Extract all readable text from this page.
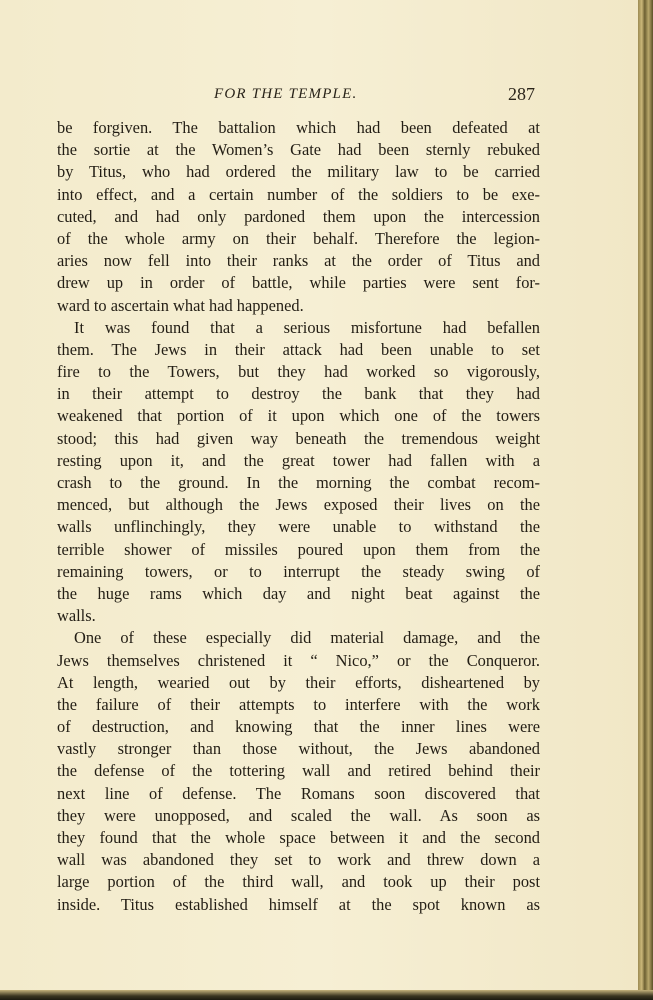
FOR THE TEMPLE.	287
be forgiven. The battalion which had been defeated at
the sortie at the Women’s Gate had been sternly rebuked
by Titus, who had ordered the military law to be carried
into effect, and a certain number of the soldiers to be exe-
cuted, and had only pardoned them upon the intercession
of the whole army on their behalf. Therefore the legion-
aries now fell into their ranks at the order of Titus and
drew up in order of battle, while parties were sent for-
ward to ascertain what had happened.
It was found that a serious misfortune had befallen
them. The Jews in their attack had been unable to set
fire to the Towers, but they had worked so vigorously,
in their attempt to destroy the bank that they had
weakened that portion of it upon which one of the towers
stood; this had given way beneath the tremendous weight
resting upon it, and the great tower had fallen with a
crash to the ground. In the morning the combat recom-
menced, but although the Jews exposed their lives on the
walls unflinchingly, they were unable to withstand the
terrible shower of missiles poured upon them from the
remaining towers, or to interrupt the steady swing of
the huge rams which day and night beat against the
walls.
One of these especially did material damage, and the
Jews themselves christened it “ Nico,” or the Conqueror.
At length, wearied out by their efforts, disheartened by
the failure of their attempts to interfere with the work
of destruction, and knowing that the inner lines were
vastly stronger than those without, the Jews abandoned
the defense of the tottering wall and retired behind their
next line of defense. The Romans soon discovered that
they were unopposed, and scaled the wall. As soon as
they found that the whole space between it and the second
wall was abandoned they set to work and threw down a
large portion of the third wall, and took up their post
inside. Titus established himself at the spot known as
